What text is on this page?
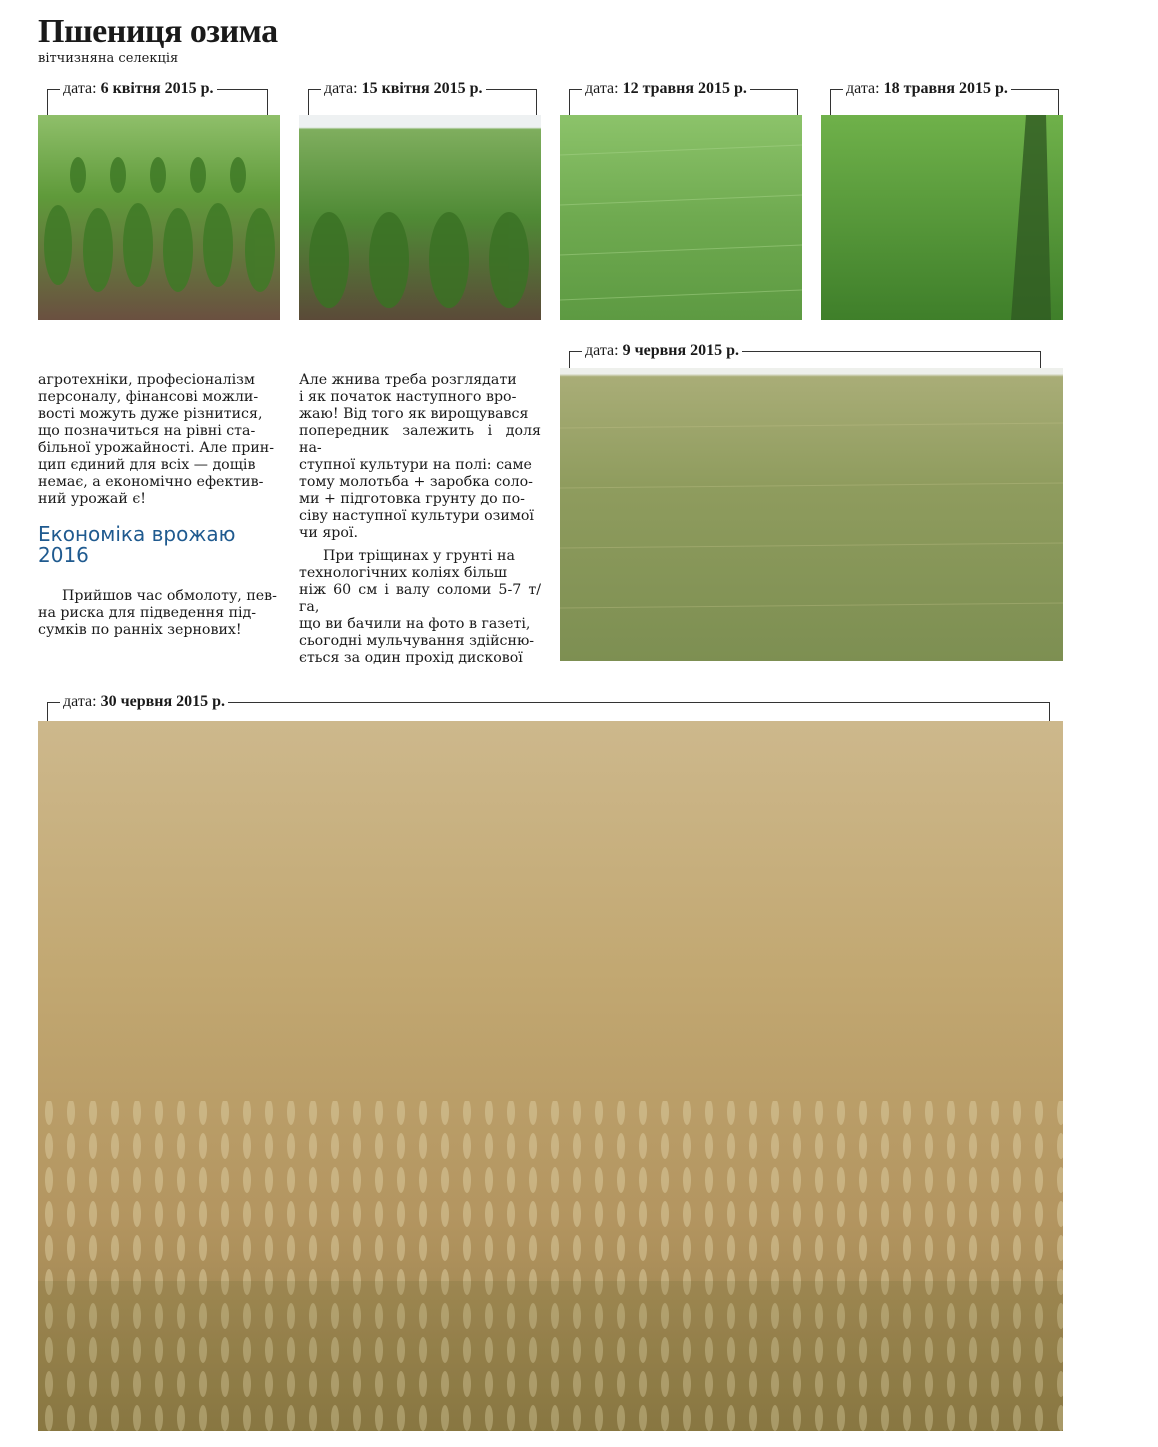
Пшениця озима
вітчизняна селекція
дата: 6 квітня 2015 р.	дата: 15 квітня 2015 р.	дата: 12 травня 2015 р.	дата: 18 травня 2015 р.

агротехніки, професіоналізм
персоналу, фінансові можли-
вості можуть дуже різнитися,
що позначиться на рівні ста-
більної урожайності. Але прин-
цип єдиний для всіх — дощів
немає, а економічно ефектив-
ний урожай є!

Економіка врожаю 2016

Прийшов час обмолоту, пев-
на риска для підведення під-
сумків по ранніх зернових!

Але жнива треба розглядати
і як початок наступного вро-
жаю! Від того як вирощувався
попередник залежить і доля на-
ступної культури на полі: саме
тому молотьба + заробка соло-
ми + підготовка грунту до по-
сіву наступної культури озимої
чи ярої.

При тріщинах у грунті на
технологічних коліях більш
ніж 60 см і валу соломи 5-7 т/га,
що ви бачили на фото в газеті,
сьогодні мульчування здійсню-
ється за один прохід дискової

дата: 9 червня 2015 р.
дата: 30 червня 2015 р.
